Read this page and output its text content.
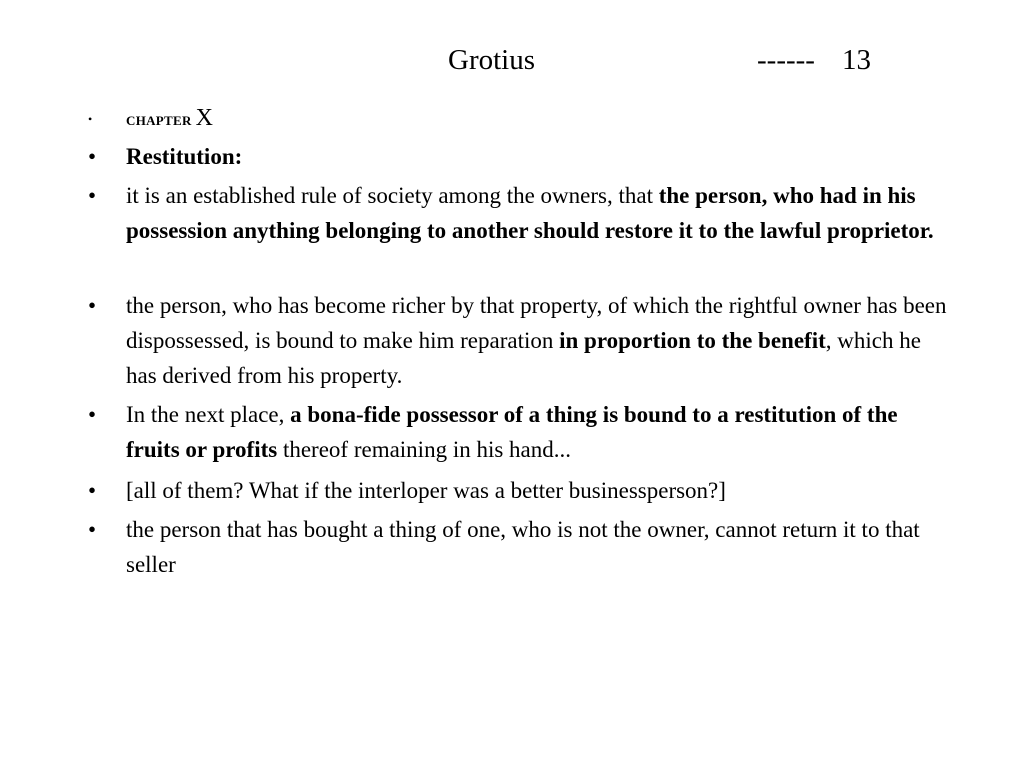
Grotius	------ 13
•	CHAPTER X
• Restitution:
• it is an established rule of society among the owners, that the person, who had in his possession anything belonging to another should restore it to the lawful proprietor.
• the person, who has become richer by that property, of which the rightful owner has been dispossessed, is bound to make him reparation in proportion to the benefit, which he has derived from his property.
• In the next place, a bona-fide possessor of a thing is bound to a restitution of the fruits or profits thereof remaining in his hand...
• [all of them? What if the interloper was a better businessperson?]
• the person that has bought a thing of one, who is not the owner, cannot return it to that seller
